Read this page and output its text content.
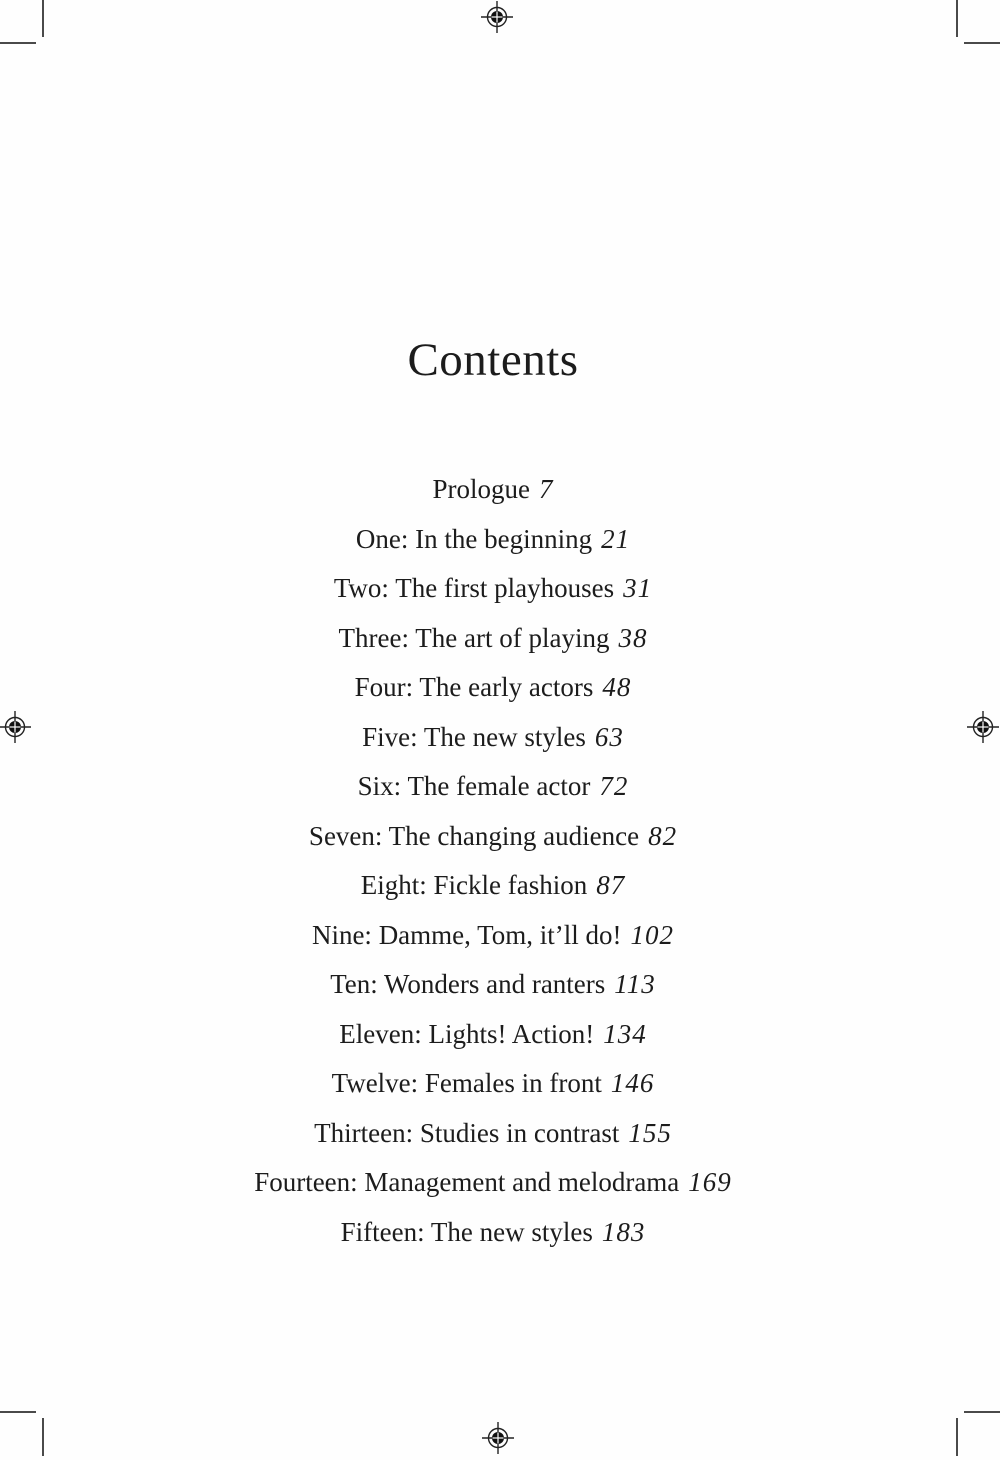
Contents
Prologue 7
One: In the beginning 21
Two: The first playhouses 31
Three: The art of playing 38
Four: The early actors 48
Five: The new styles 63
Six: The female actor 72
Seven: The changing audience 82
Eight: Fickle fashion 87
Nine: Damme, Tom, it’ll do! 102
Ten: Wonders and ranters 113
Eleven: Lights! Action! 134
Twelve: Females in front 146
Thirteen: Studies in contrast 155
Fourteen: Management and melodrama 169
Fifteen: The new styles 183
